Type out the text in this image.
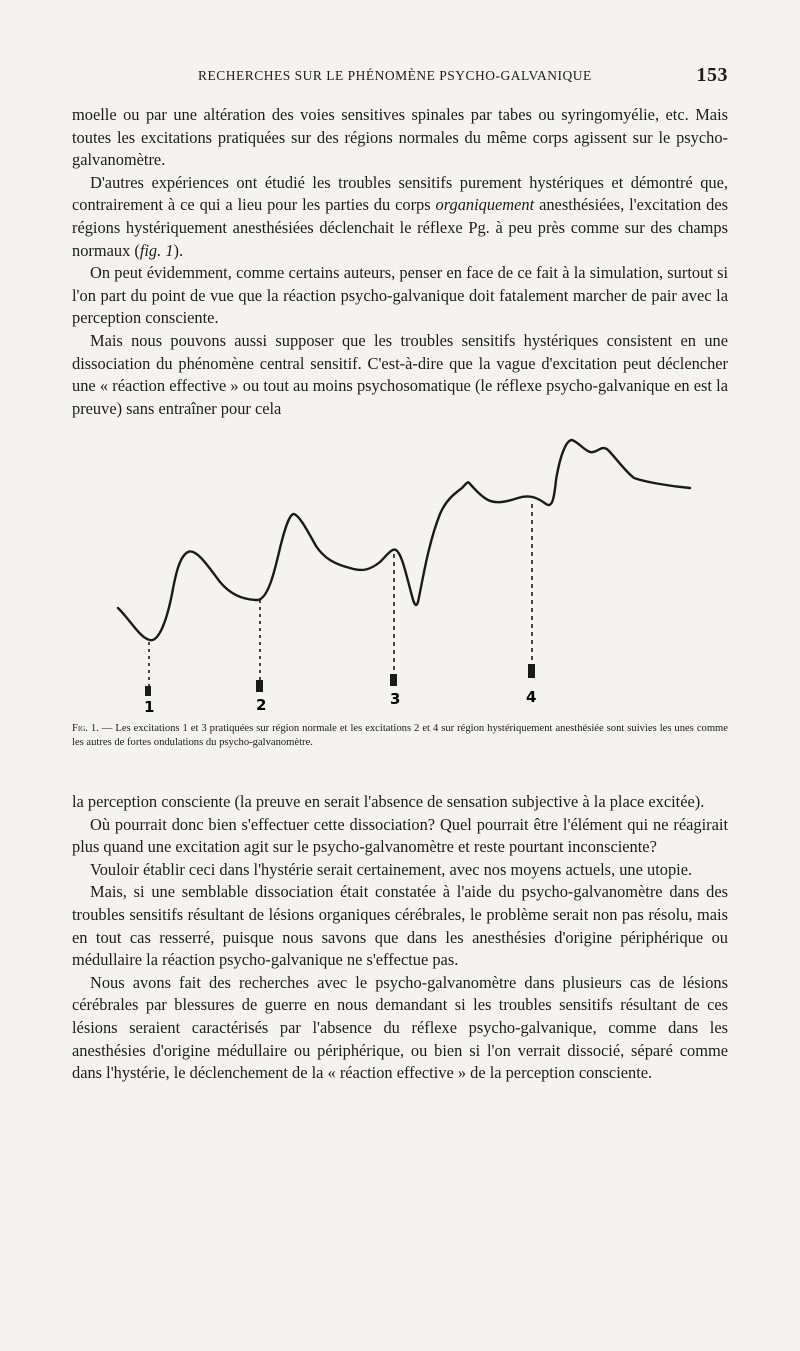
RECHERCHES SUR LE PHÉNOMÈNE PSYCHO-GALVANIQUE	153

moelle ou par une altération des voies sensitives spinales par tabes ou syringomyélie, etc. Mais toutes les excitations pratiquées sur des régions normales du même corps agissent sur le psycho-galvanomètre.

D'autres expériences ont étudié les troubles sensitifs purement hystériques et démontré que, contrairement à ce qui a lieu pour les parties du corps organiquement anesthésiées, l'excitation des régions hystériquement anesthésiées déclenchait le réflexe Pg. à peu près comme sur des champs normaux (fig. 1).

On peut évidemment, comme certains auteurs, penser en face de ce fait à la simulation, surtout si l'on part du point de vue que la réaction psycho-galvanique doit fatalement marcher de pair avec la perception consciente.

Mais nous pouvons aussi supposer que les troubles sensitifs hystériques consistent en une dissociation du phénomène central sensitif. C'est-à-dire que la vague d'excitation peut déclencher une « réaction effective » ou tout au moins psychosomatique (le réflexe psycho-galvanique en est la preuve) sans entraîner pour cela

1	2	3	4
Fig. 1. — Les excitations 1 et 3 pratiquées sur région normale et les excitations 2 et 4 sur région hystériquement anesthésiée sont suivies les unes comme les autres de fortes ondulations du psycho-galvanomètre.

la perception consciente (la preuve en serait l'absence de sensation subjective à la place excitée).

Où pourrait donc bien s'effectuer cette dissociation? Quel pourrait être l'élément qui ne réagirait plus quand une excitation agit sur le psycho-galvanomètre et reste pourtant inconsciente?

Vouloir établir ceci dans l'hystérie serait certainement, avec nos moyens actuels, une utopie.

Mais, si une semblable dissociation était constatée à l'aide du psycho-galvanomètre dans des troubles sensitifs résultant de lésions organiques cérébrales, le problème serait non pas résolu, mais en tout cas resserré, puisque nous savons que dans les anesthésies d'origine périphérique ou médullaire la réaction psycho-galvanique ne s'effectue pas.

Nous avons fait des recherches avec le psycho-galvanomètre dans plusieurs cas de lésions cérébrales par blessures de guerre en nous demandant si les troubles sensitifs résultant de ces lésions seraient caractérisés par l'absence du réflexe psycho-galvanique, comme dans les anesthésies d'origine médullaire ou périphérique, ou bien si l'on verrait dissocié, séparé comme dans l'hystérie, le déclenchement de la « réaction effective » de la perception consciente.
